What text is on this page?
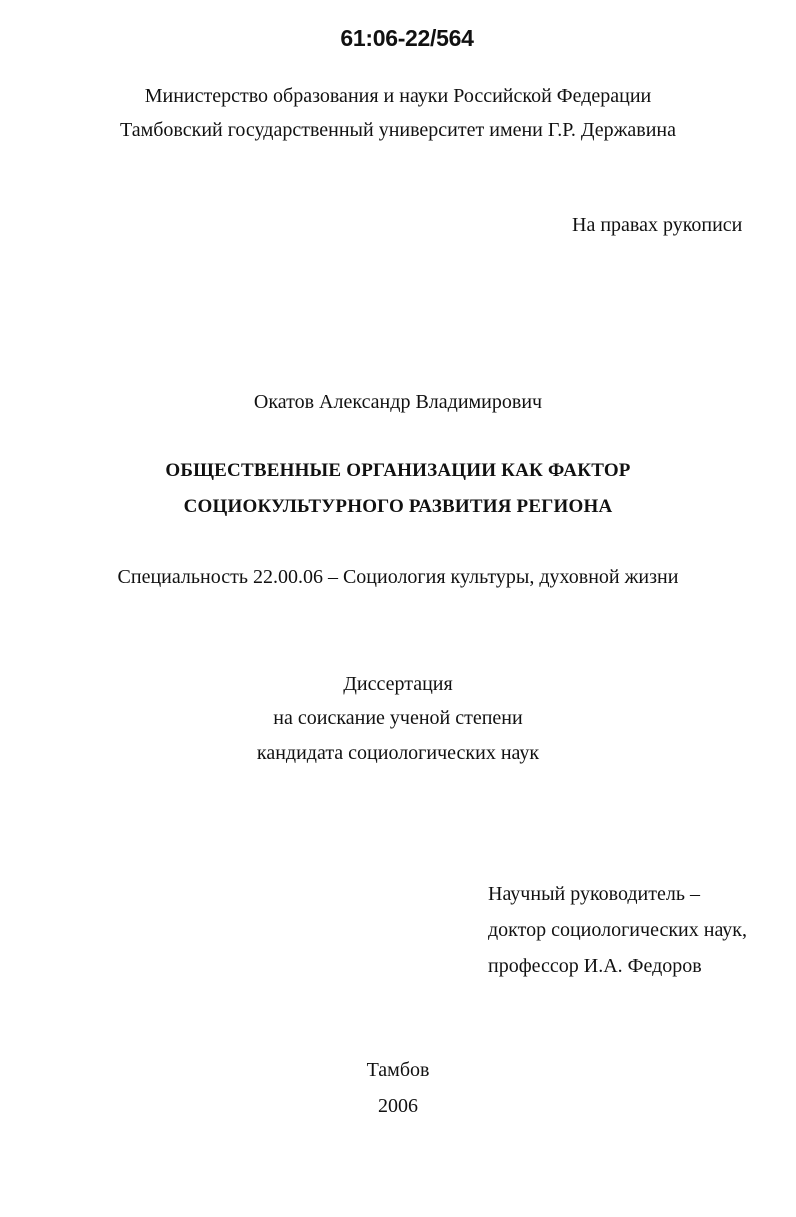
61:06-22/564
Министерство образования и науки Российской Федерации
Тамбовский государственный университет имени Г.Р. Державина
На правах рукописи
Окатов Александр Владимирович
ОБЩЕСТВЕННЫЕ ОРГАНИЗАЦИИ КАК ФАКТОР
СОЦИОКУЛЬТУРНОГО РАЗВИТИЯ РЕГИОНА
Специальность 22.00.06 – Социология культуры, духовной жизни
Диссертация
на соискание ученой степени
кандидата социологических наук
Научный руководитель –
доктор социологических наук,
профессор И.А. Федоров
Тамбов
2006
